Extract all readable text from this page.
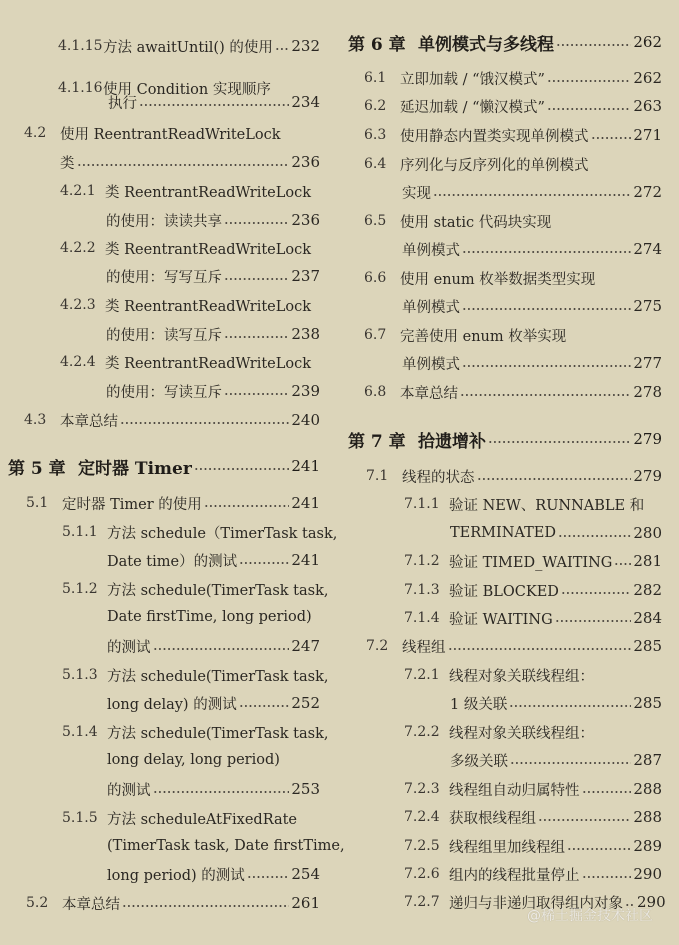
4.1.15 方法 awaitUntil() 的使用 232
4.1.16 使用 Condition 实现顺序
执行	234
4.2 使用 ReentrantReadWriteLock
类	236
4.2.1 类 ReentrantReadWriteLock
的使用：读读共享	236
4.2.2 类 ReentrantReadWriteLock
的使用：写写互斥	237
4.2.3 类 ReentrantReadWriteLock
的使用：读写互斥	238
4.2.4 类 ReentrantReadWriteLock
的使用：写读互斥	239
4.3 本章总结	240
第 5 章 定时器 Timer	241
5.1 定时器 Timer 的使用	241
5.1.1 方法 schedule（TimerTask task,
Date time）的测试	241
5.1.2 方法 schedule(TimerTask task,
Date firstTime, long period)
的测试	247
5.1.3 方法 schedule(TimerTask task,
long delay) 的测试	252
5.1.4 方法 schedule(TimerTask task,
long delay, long period)
的测试	253
5.1.5 方法 scheduleAtFixedRate
(TimerTask task, Date firstTime,
long period) 的测试	254
5.2 本章总结	261
第 6 章 单例模式与多线程	262
6.1 立即加载 / “饿汉模式”	262
6.2 延迟加载 / “懒汉模式”	263
6.3 使用静态内置类实现单例模式	271
6.4 序列化与反序列化的单例模式
实现	272
6.5 使用 static 代码块实现
单例模式	274
6.6 使用 enum 枚举数据类型实现
单例模式	275
6.7 完善使用 enum 枚举实现
单例模式	277
6.8 本章总结	278
第 7 章 拾遗增补	279
7.1 线程的状态	279
7.1.1 验证 NEW、RUNNABLE 和
TERMINATED	280
7.1.2 验证 TIMED_WAITING 281
7.1.3 验证 BLOCKED	282
7.1.4 验证 WAITING	284
7.2 线程组	285
7.2.1 线程对象关联线程组：
1 级关联	285
7.2.2 线程对象关联线程组：
多级关联	287
7.2.3 线程组自动归属特性	288
7.2.4 获取根线程组	288
7.2.5 线程组里加线程组	289
7.2.6 组内的线程批量停止	290
7.2.7 递归与非递归取得组内对象 290
@稀土掘金技术社区
